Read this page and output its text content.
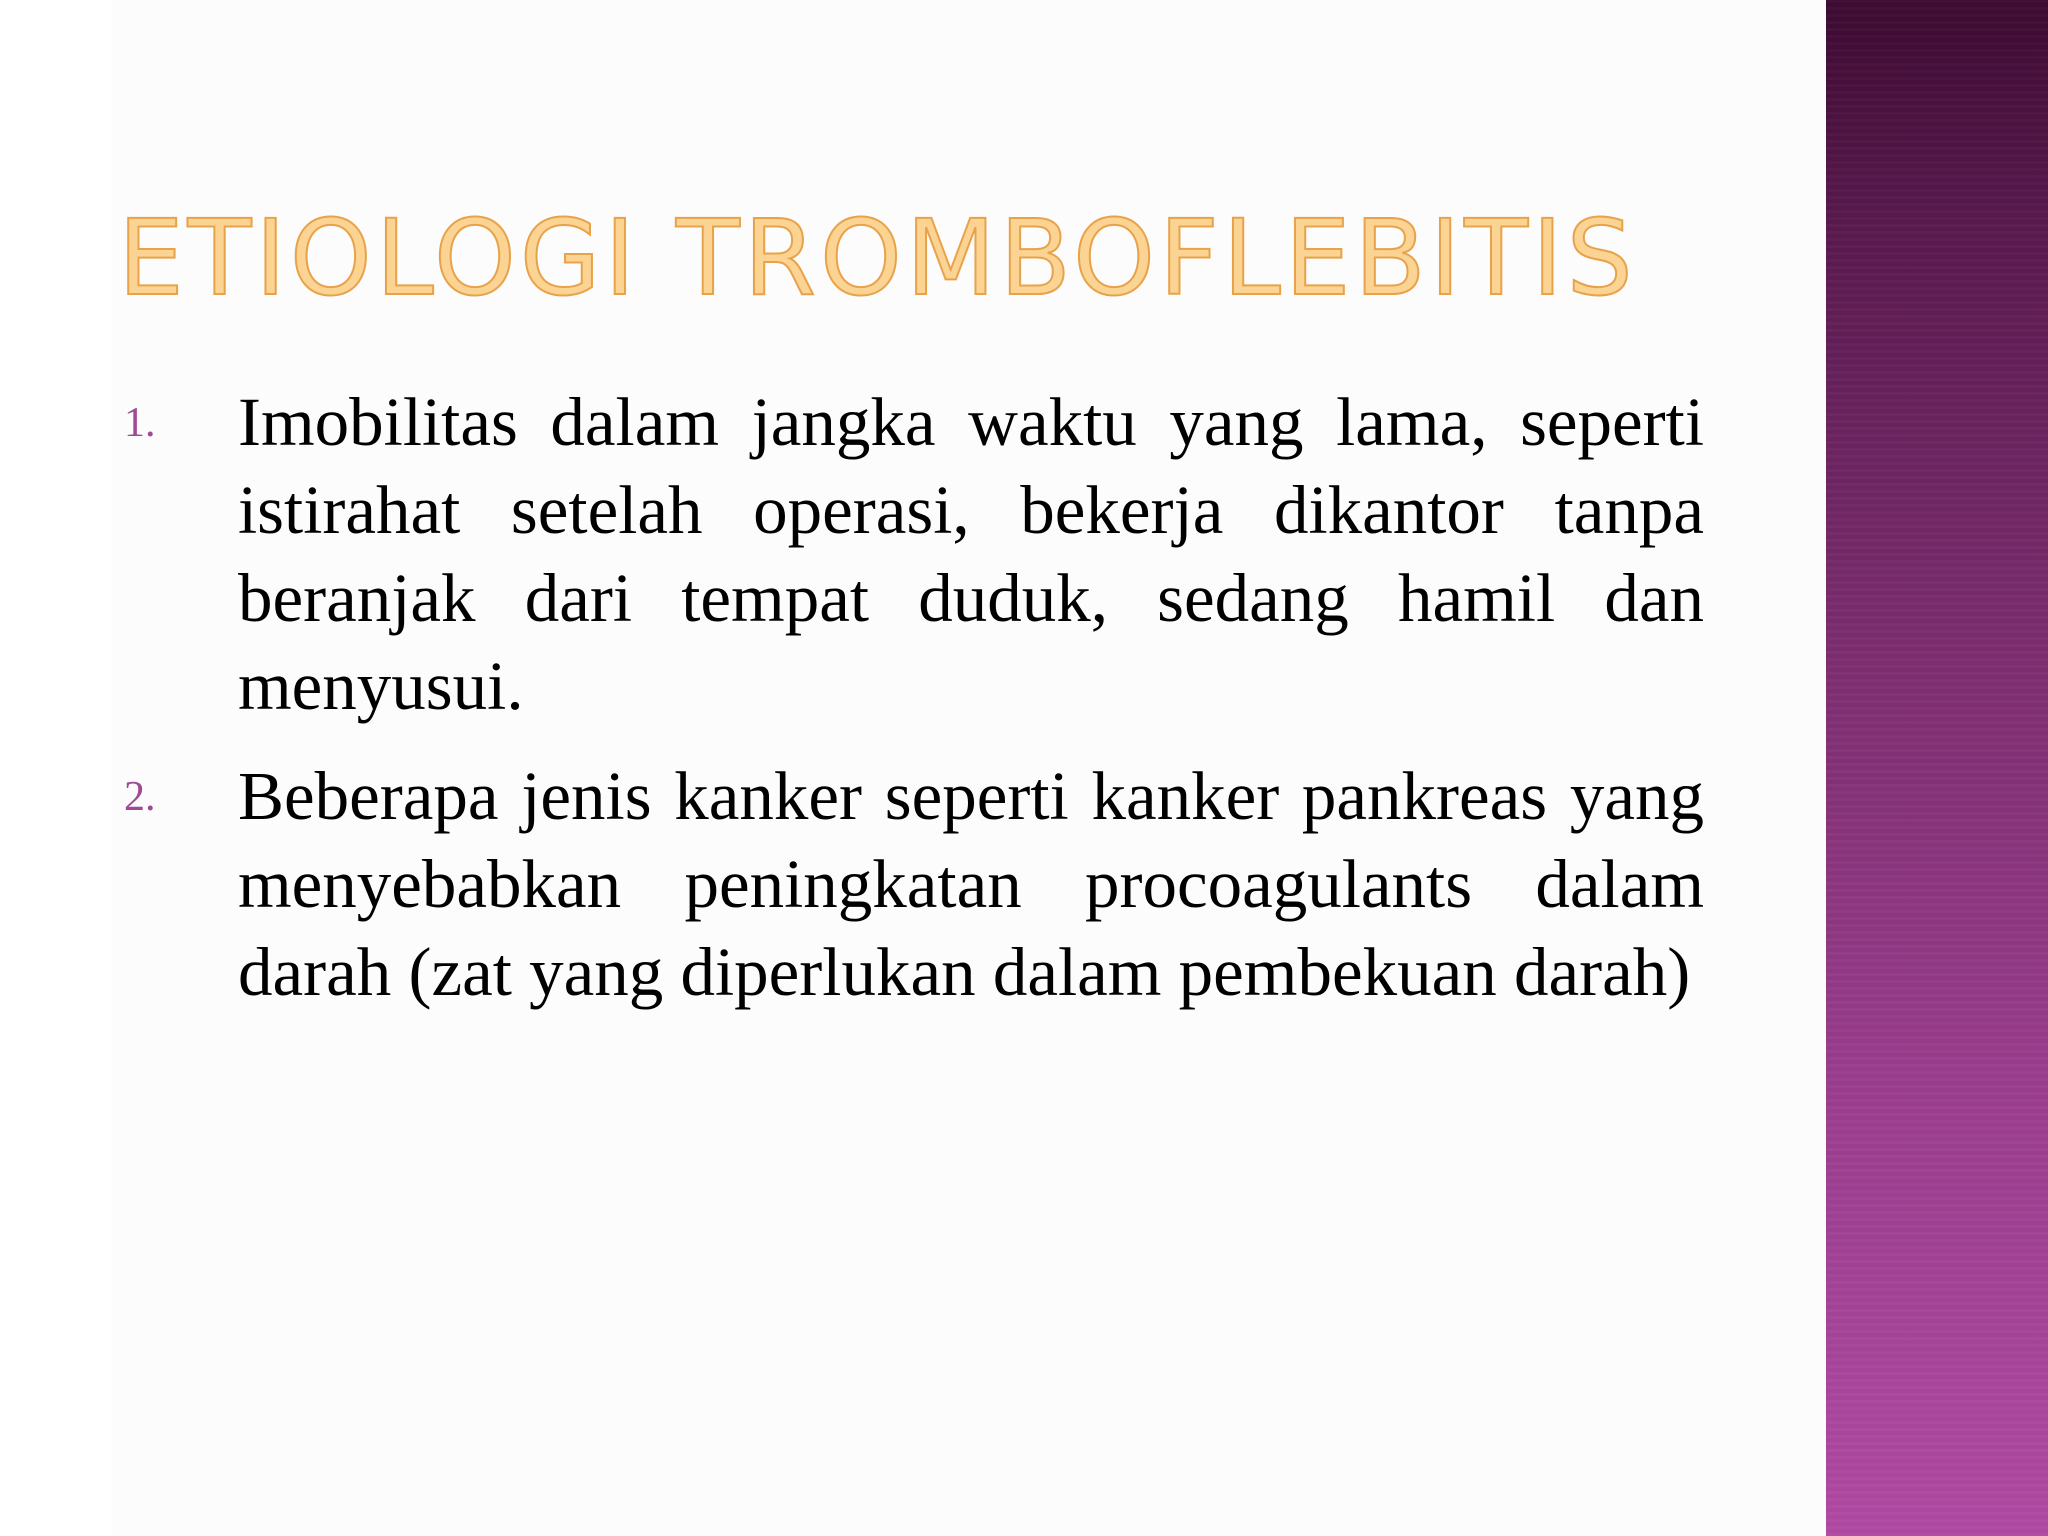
ETIOLOGI TROMBOFLEBITIS
1. Imobilitas dalam jangka waktu yang lama, seperti istirahat setelah operasi, bekerja dikantor tanpa beranjak dari tempat duduk, sedang hamil dan menyusui.
2. Beberapa jenis kanker seperti kanker pankreas yang menyebabkan peningkatan procoagulants dalam darah (zat yang diperlukan dalam pembekuan darah)
